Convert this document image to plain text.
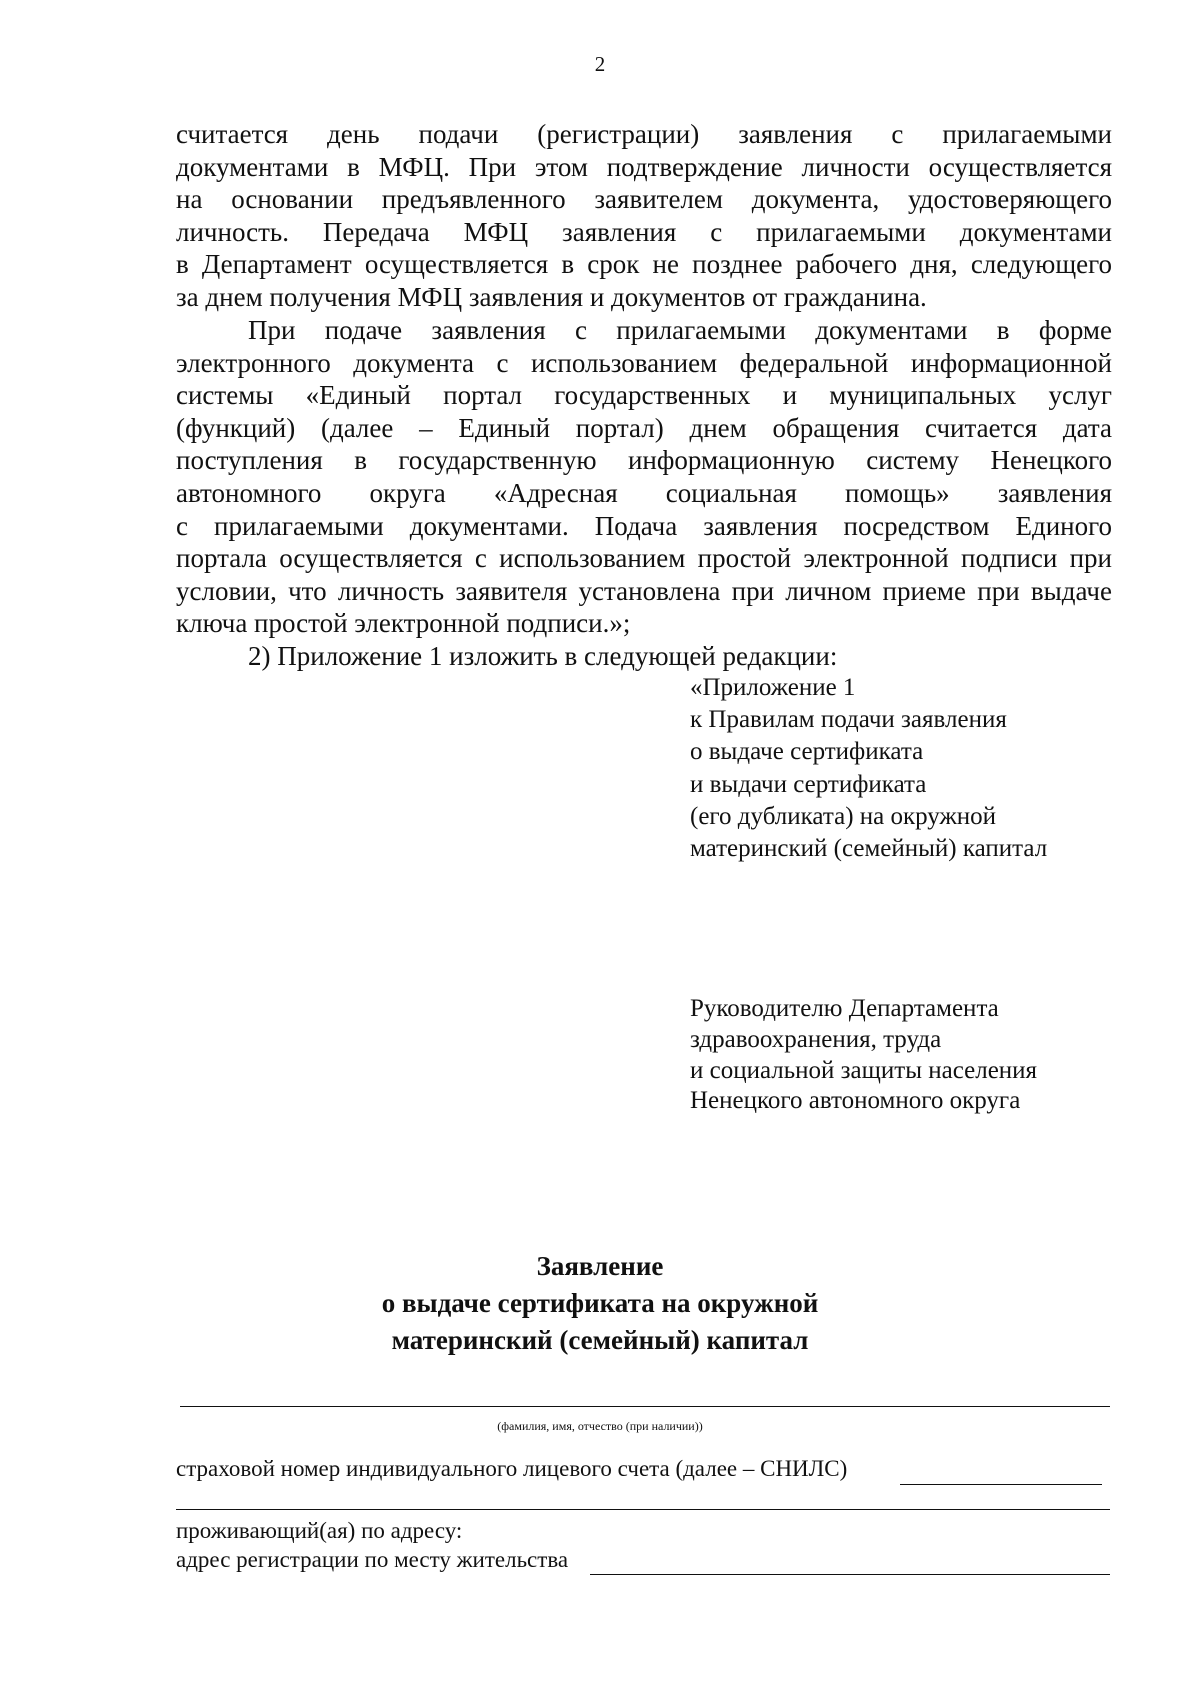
2
считается день подачи (регистрации) заявления с прилагаемыми
документами в МФЦ. При этом подтверждение личности осуществляется
на основании предъявленного заявителем документа, удостоверяющего
личность. Передача МФЦ заявления с прилагаемыми документами
в Департамент осуществляется в срок не позднее рабочего дня, следующего
за днем получения МФЦ заявления и документов от гражданина.
При подаче заявления с прилагаемыми документами в форме
электронного документа с использованием федеральной информационной
системы «Единый портал государственных и муниципальных услуг
(функций) (далее – Единый портал) днем обращения считается дата
поступления в государственную информационную систему Ненецкого
автономного округа «Адресная социальная помощь» заявления
с прилагаемыми документами. Подача заявления посредством Единого
портала осуществляется с использованием простой электронной подписи при
условии, что личность заявителя установлена при личном приеме при выдаче
ключа простой электронной подписи.»;
2) Приложение 1 изложить в следующей редакции:
«Приложение 1
к Правилам подачи заявления
о выдаче сертификата
и выдачи сертификата
(его дубликата) на окружной
материнский (семейный) капитал
Руководителю Департамента
здравоохранения, труда
и социальной защиты населения
Ненецкого автономного округа
Заявление
о выдаче сертификата на окружной
материнский (семейный) капитал
(фамилия, имя, отчество (при наличии))
страховой номер индивидуального лицевого счета (далее – СНИЛС)
проживающий(ая) по адресу:
адрес регистрации по месту жительства
